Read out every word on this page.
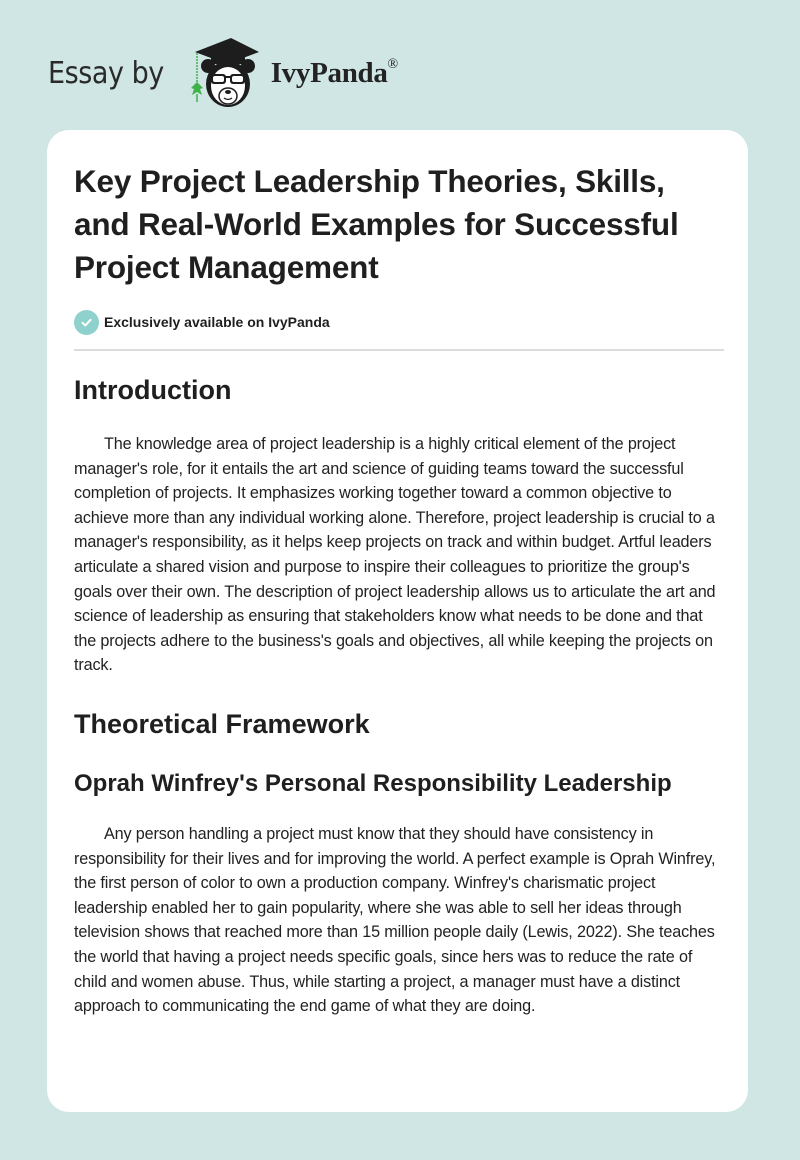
Essay by	IvyPanda®
Key Project Leadership Theories, Skills, and Real-World Examples for Successful Project Management
Exclusively available on IvyPanda
Introduction

The knowledge area of project leadership is a highly critical element of the project manager's role, for it entails the art and science of guiding teams toward the successful completion of projects. It emphasizes working together toward a common objective to achieve more than any individual working alone. Therefore, project leadership is crucial to a manager's responsibility, as it helps keep projects on track and within budget. Artful leaders articulate a shared vision and purpose to inspire their colleagues to prioritize the group's goals over their own. The description of project leadership allows us to articulate the art and science of leadership as ensuring that stakeholders know what needs to be done and that the projects adhere to the business's goals and objectives, all while keeping the projects on track.

Theoretical Framework
Oprah Winfrey's Personal Responsibility Leadership

Any person handling a project must know that they should have consistency in responsibility for their lives and for improving the world. A perfect example is Oprah Winfrey, the first person of color to own a production company. Winfrey's charismatic project leadership enabled her to gain popularity, where she was able to sell her ideas through television shows that reached more than 15 million people daily (Lewis, 2022). She teaches the world that having a project needs specific goals, since hers was to reduce the rate of child and women abuse. Thus, while starting a project, a manager must have a distinct approach to communicating the end game of what they are doing.
